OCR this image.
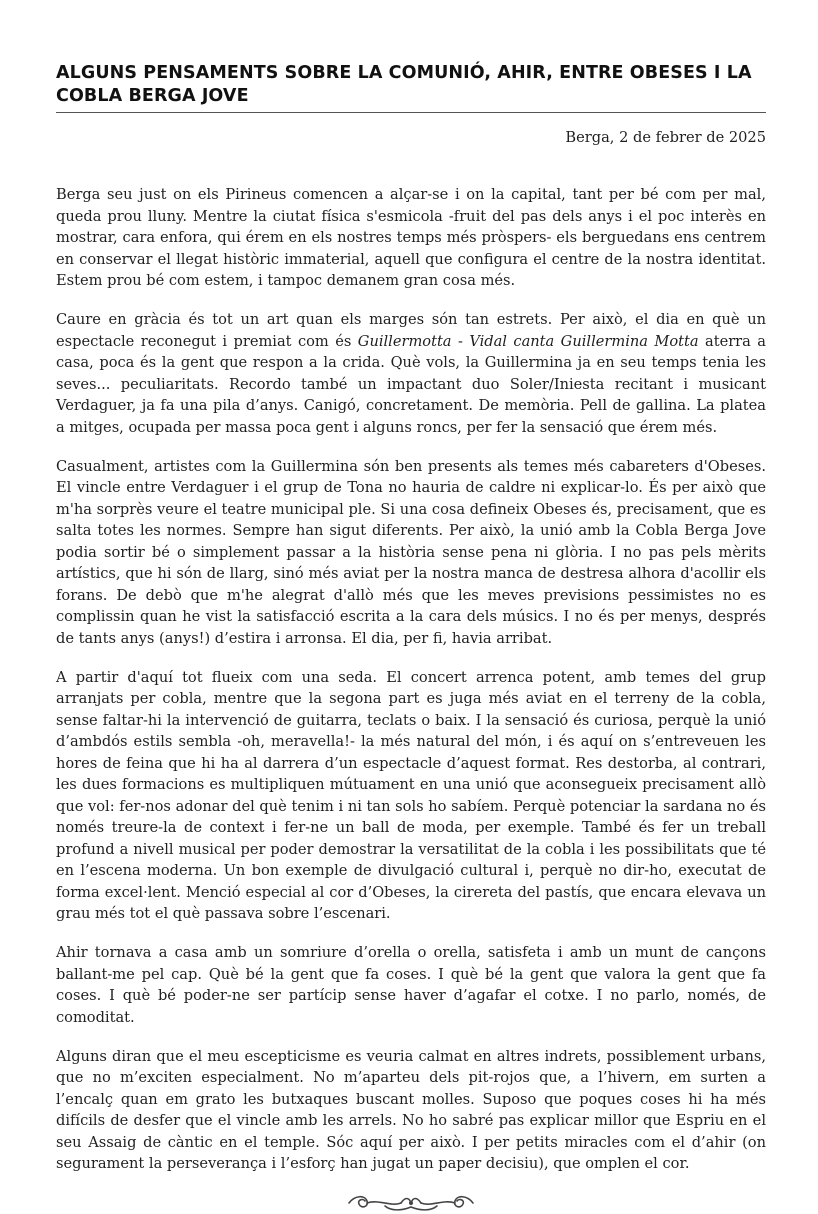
ALGUNS PENSAMENTS SOBRE LA COMUNIÓ, AHIR, ENTRE OBESES I LA COBLA BERGA JOVE
Berga, 2 de febrer de 2025

Berga seu just on els Pirineus comencen a alçar-se i on la capital, tant per bé com per mal, queda prou lluny. Mentre la ciutat física s'esmicola -fruit del pas dels anys i el poc interès en mostrar, cara enfora, qui érem en els nostres temps més pròspers- els berguedans ens centrem en conservar el llegat històric immaterial, aquell que configura el centre de la nostra identitat. Estem prou bé com estem, i tampoc demanem gran cosa més.

Caure en gràcia és tot un art quan els marges són tan estrets. Per això, el dia en què un espectacle reconegut i premiat com és Guillermotta - Vidal canta Guillermina Motta aterra a casa, poca és la gent que respon a la crida. Què vols, la Guillermina ja en seu temps tenia les seves... peculiaritats. Recordo també un impactant duo Soler/Iniesta recitant i musicant Verdaguer, ja fa una pila d’anys. Canigó, concretament. De memòria. Pell de gallina. La platea a mitges, ocupada per massa poca gent i alguns roncs, per fer la sensació que érem més.

Casualment, artistes com la Guillermina són ben presents als temes més cabareters d'Obeses. El vincle entre Verdaguer i el grup de Tona no hauria de caldre ni explicar-lo. És per això que m'ha sorprès veure el teatre municipal ple. Si una cosa defineix Obeses és, precisament, que es salta totes les normes. Sempre han sigut diferents. Per això, la unió amb la Cobla Berga Jove podia sortir bé o simplement passar a la història sense pena ni glòria. I no pas pels mèrits artístics, que hi són de llarg, sinó més aviat per la nostra manca de destresa alhora d'acollir els forans. De debò que m'he alegrat d'allò més que les meves previsions pessimistes no es complissin quan he vist la satisfacció escrita a la cara dels músics. I no és per menys, després de tants anys (anys!) d’estira i arronsa. El dia, per fi, havia arribat.

A partir d'aquí tot flueix com una seda. El concert arrenca potent, amb temes del grup arranjats per cobla, mentre que la segona part es juga més aviat en el terreny de la cobla, sense faltar-hi la intervenció de guitarra, teclats o baix. I la sensació és curiosa, perquè la unió d’ambdós estils sembla -oh, meravella!- la més natural del món, i és aquí on s’entreveuen les hores de feina que hi ha al darrera d’un espectacle d’aquest format. Res destorba, al contrari, les dues formacions es multipliquen mútuament en una unió que aconsegueix precisament allò que vol: fer-nos adonar del què tenim i ni tan sols ho sabíem. Perquè potenciar la sardana no és només treure-la de context i fer-ne un ball de moda, per exemple. També és fer un treball profund a nivell musical per poder demostrar la versatilitat de la cobla i les possibilitats que té en l’escena moderna. Un bon exemple de divulgació cultural i, perquè no dir-ho, executat de forma excel·lent. Menció especial al cor d’Obeses, la cirereta del pastís, que encara elevava un grau més tot el què passava sobre l’escenari.

Ahir tornava a casa amb un somriure d’orella o orella, satisfeta i amb un munt de cançons ballant-me pel cap. Què bé la gent que fa coses. I què bé la gent que valora la gent que fa coses. I què bé poder-ne ser partícip sense haver d’agafar el cotxe. I no parlo, només, de comoditat.

Alguns diran que el meu escepticisme es veuria calmat en altres indrets, possiblement urbans, que no m’exciten especialment. No m’aparteu dels pit-rojos que, a l’hivern, em surten a l’encalç quan em grato les butxaques buscant molles. Suposo que poques coses hi ha més difícils de desfer que el vincle amb les arrels. No ho sabré pas explicar millor que Espriu en el seu Assaig de càntic en el temple. Sóc aquí per això. I per petits miracles com el d’ahir (on segurament la perseverança i l’esforç han jugat un paper decisiu), que omplen el cor.
